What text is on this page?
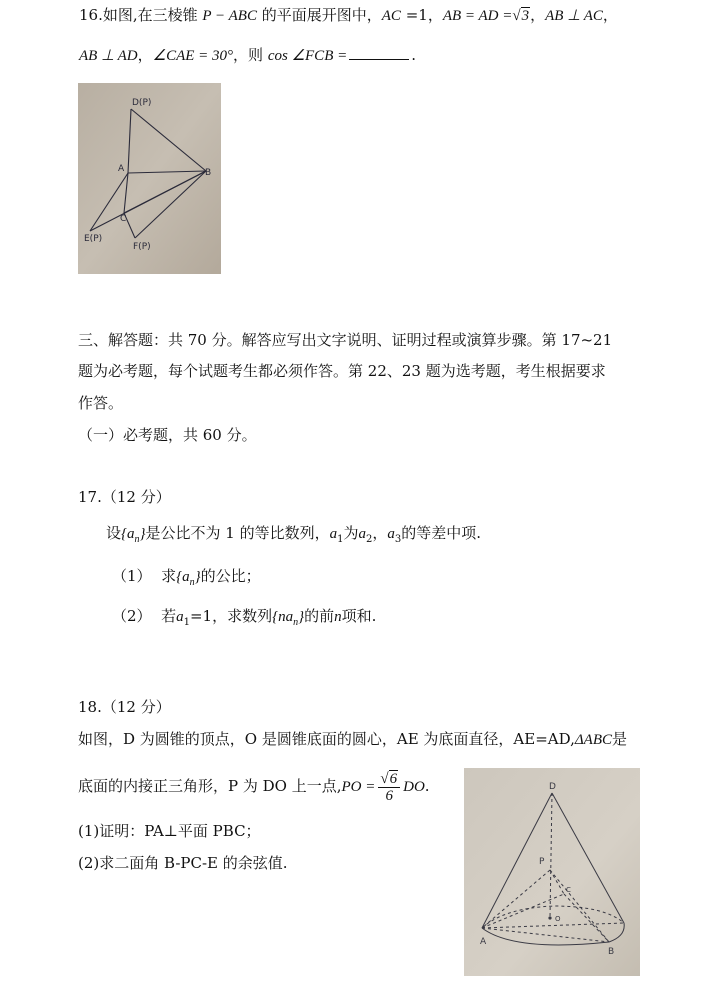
16.如图,在三棱锥 P − ABC 的平面展开图中，AC =1，AB = AD =√3，AB ⊥ AC，
AB ⊥ AD，∠CAE = 30°，则 cos ∠FCB =	.
D(P)
A	B
C
E(P)
F(P)
三、解答题：共 70 分。解答应写出文字说明、证明过程或演算步骤。第 17~21
题为必考题，每个试题考生都必须作答。第 22、23 题为选考题，考生根据要求
作答。
（一）必考题，共 60 分。
17.（12 分）
设$\{a_n\}$是公比不为 1 的等比数列，$a_1$为$a_2$，$a_3$的等差中项.
（1） 求$\{a_n\}$的公比；
（2） 若$a_1=1$，求数列$\{na_n\}$的前n项和.
18.（12 分）
如图，D 为圆锥的顶点，O 是圆锥底面的圆心，AE 为底面直径，AE=AD,ΔABC是
底面的内接正三角形，P 为 DO 上一点$,PO = \frac{√6}{6}$ DO.
(1)证明：PA⊥平面 PBC；
(2)求二面角 B-PC-E 的余弦值.
D
P
C
O
A
B
